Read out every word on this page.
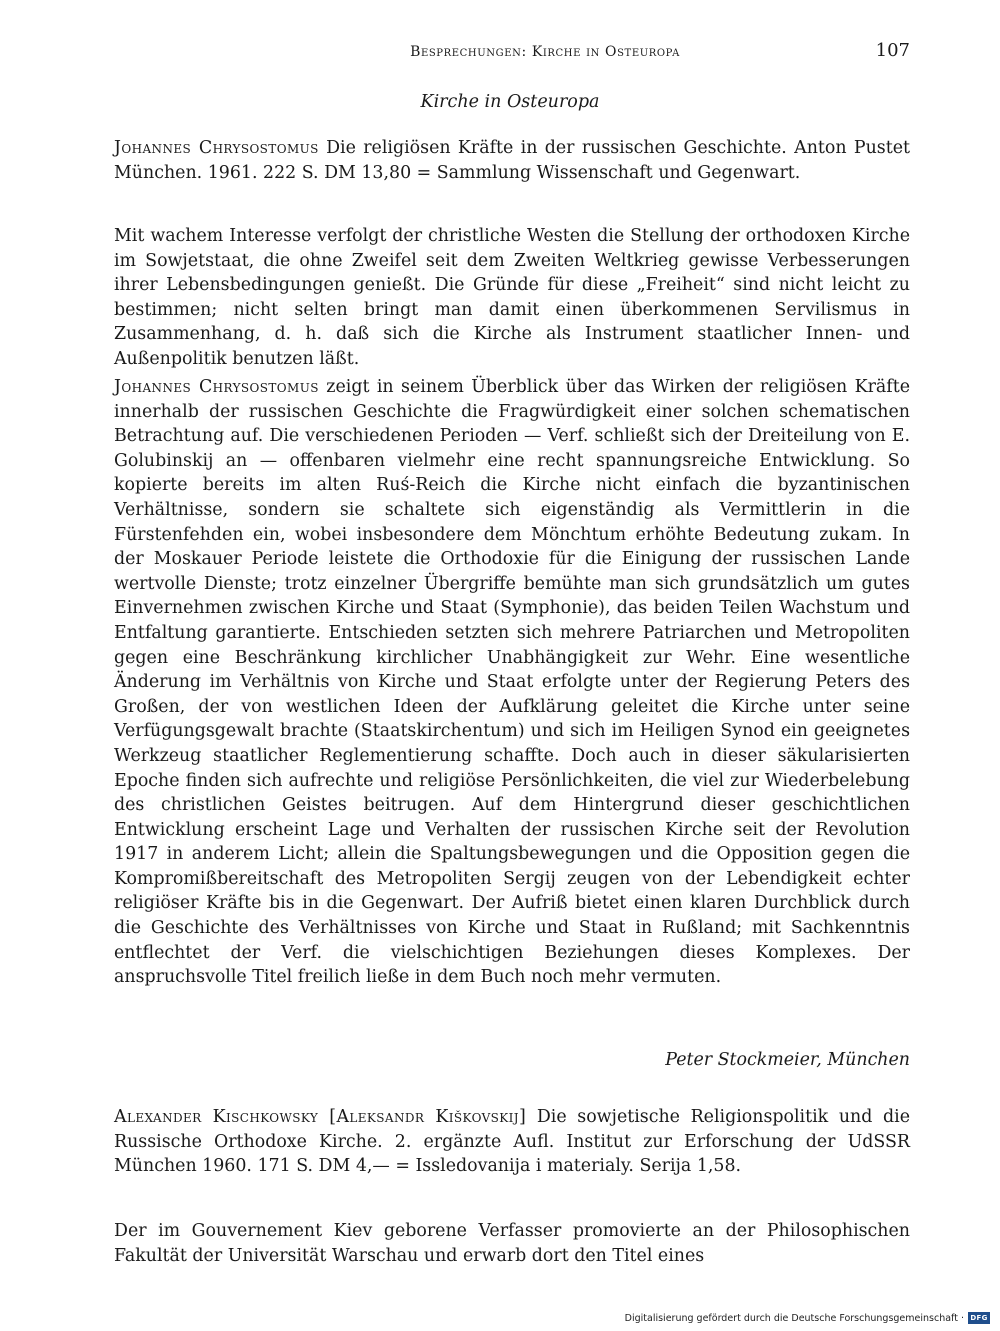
Besprechungen: Kirche in Osteuropa	107
Kirche in Osteuropa
Johannes Chrysostomus Die religiösen Kräfte in der russischen Geschichte. Anton Pustet München. 1961. 222 S. DM 13,80 = Sammlung Wissenschaft und Gegenwart.
Mit wachem Interesse verfolgt der christliche Westen die Stellung der orthodoxen Kirche im Sowjetstaat, die ohne Zweifel seit dem Zweiten Weltkrieg gewisse Verbesserungen ihrer Lebensbedingungen genießt. Die Gründe für diese „Freiheit“ sind nicht leicht zu bestimmen; nicht selten bringt man damit einen überkommenen Servilismus in Zusammenhang, d. h. daß sich die Kirche als Instrument staatlicher Innen- und Außenpolitik benutzen läßt.
Johannes Chrysostomus zeigt in seinem Überblick über das Wirken der religiösen Kräfte innerhalb der russischen Geschichte die Fragwürdigkeit einer solchen schematischen Betrachtung auf. Die verschiedenen Perioden — Verf. schließt sich der Dreiteilung von E. Golubinskij an — offenbaren vielmehr eine recht spannungsreiche Entwicklung. So kopierte bereits im alten Ruś-Reich die Kirche nicht einfach die byzantinischen Verhältnisse, sondern sie schaltete sich eigenständig als Vermittlerin in die Fürstenfehden ein, wobei insbesondere dem Mönchtum erhöhte Bedeutung zukam. In der Moskauer Periode leistete die Orthodoxie für die Einigung der russischen Lande wertvolle Dienste; trotz einzelner Übergriffe bemühte man sich grundsätzlich um gutes Einvernehmen zwischen Kirche und Staat (Symphonie), das beiden Teilen Wachstum und Entfaltung garantierte. Entschieden setzten sich mehrere Patriarchen und Metropoliten gegen eine Beschränkung kirchlicher Unabhängigkeit zur Wehr. Eine wesentliche Änderung im Verhältnis von Kirche und Staat erfolgte unter der Regierung Peters des Großen, der von westlichen Ideen der Aufklärung geleitet die Kirche unter seine Verfügungsgewalt brachte (Staatskirchentum) und sich im Heiligen Synod ein geeignetes Werkzeug staatlicher Reglementierung schaffte. Doch auch in dieser säkularisierten Epoche finden sich aufrechte und religiöse Persönlichkeiten, die viel zur Wiederbelebung des christlichen Geistes beitrugen. Auf dem Hintergrund dieser geschichtlichen Entwicklung erscheint Lage und Verhalten der russischen Kirche seit der Revolution 1917 in anderem Licht; allein die Spaltungsbewegungen und die Opposition gegen die Kompromißbereitschaft des Metropoliten Sergij zeugen von der Lebendigkeit echter religiöser Kräfte bis in die Gegenwart. Der Aufriß bietet einen klaren Durchblick durch die Geschichte des Verhältnisses von Kirche und Staat in Rußland; mit Sachkenntnis entflechtet der Verf. die vielschichtigen Beziehungen dieses Komplexes. Der anspruchsvolle Titel freilich ließe in dem Buch noch mehr vermuten.
Peter Stockmeier, München
Alexander Kischkowsky [Aleksandr Kiškovskij] Die sowjetische Religionspolitik und die Russische Orthodoxe Kirche. 2. ergänzte Aufl. Institut zur Erforschung der UdSSR München 1960. 171 S. DM 4,— = Issledovanija i materialy. Serija 1,58.
Der im Gouvernement Kiev geborene Verfasser promovierte an der Philosophischen Fakultät der Universität Warschau und erwarb dort den Titel eines
Digitalisierung gefördert durch die Deutsche Forschungsgemeinschaft · DFG
